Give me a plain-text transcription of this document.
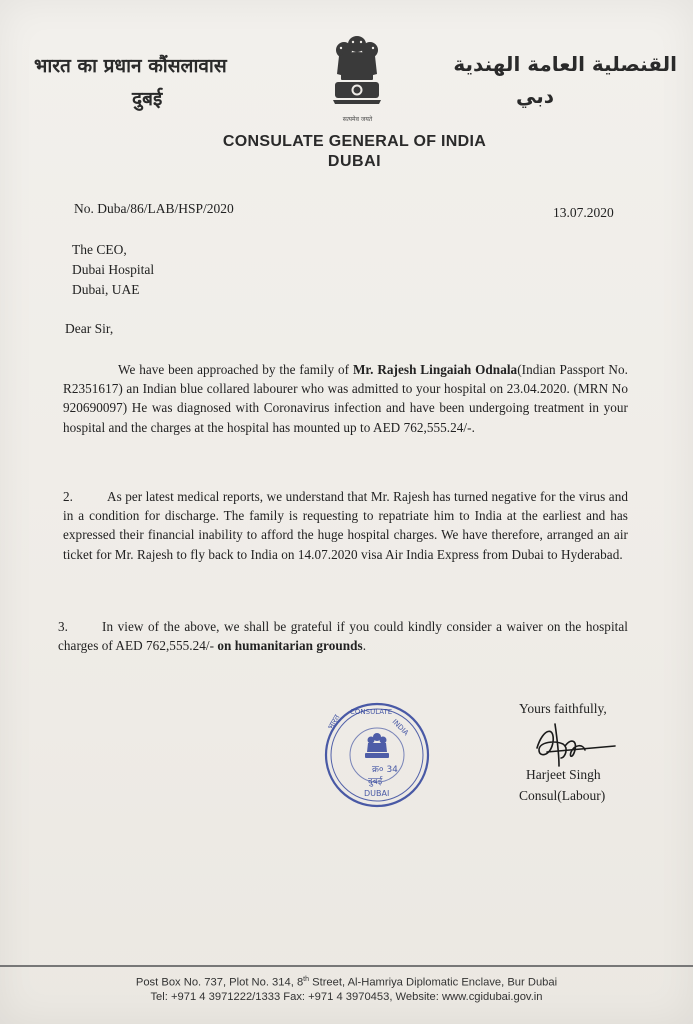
भारत का प्रधान कौंसलावास
दुबई
सत्यमेव जयते
القنصلية العامة الهندية
دبي
CONSULATE GENERAL OF INDIA
DUBAI
No. Duba/86/LAB/HSP/2020	13.07.2020
The CEO,
Dubai Hospital
Dubai, UAE
Dear Sir,
We have been approached by the family of Mr. Rajesh Lingaiah Odnala(Indian Passport No. R2351617) an Indian blue collared labourer who was admitted to your hospital on 23.04.2020. (MRN No 920690097) He was diagnosed with Coronavirus infection and have been undergoing treatment in your hospital and the charges at the hospital has mounted up to AED 762,555.24/-.
2.	As per latest medical reports, we understand that Mr. Rajesh has turned negative for the virus and in a condition for discharge. The family is requesting to repatriate him to India at the earliest and has expressed their financial inability to afford the huge hospital charges. We have therefore, arranged an air ticket for Mr. Rajesh to fly back to India on 14.07.2020 visa Air India Express from Dubai to Hyderabad.
3.	In view of the above, we shall be grateful if you could kindly consider a waiver on the hospital charges of AED 762,555.24/- on humanitarian grounds.
भारत
CONSULATE
INDIA
क्र० 34
दुबई
DUBAI
Yours faithfully,
Harjeet Singh
Consul(Labour)
Post Box No. 737, Plot No. 314, 8th Street, Al-Hamriya Diplomatic Enclave, Bur Dubai
Tel: +971 4 3971222/1333 Fax: +971 4 3970453, Website: www.cgidubai.gov.in
